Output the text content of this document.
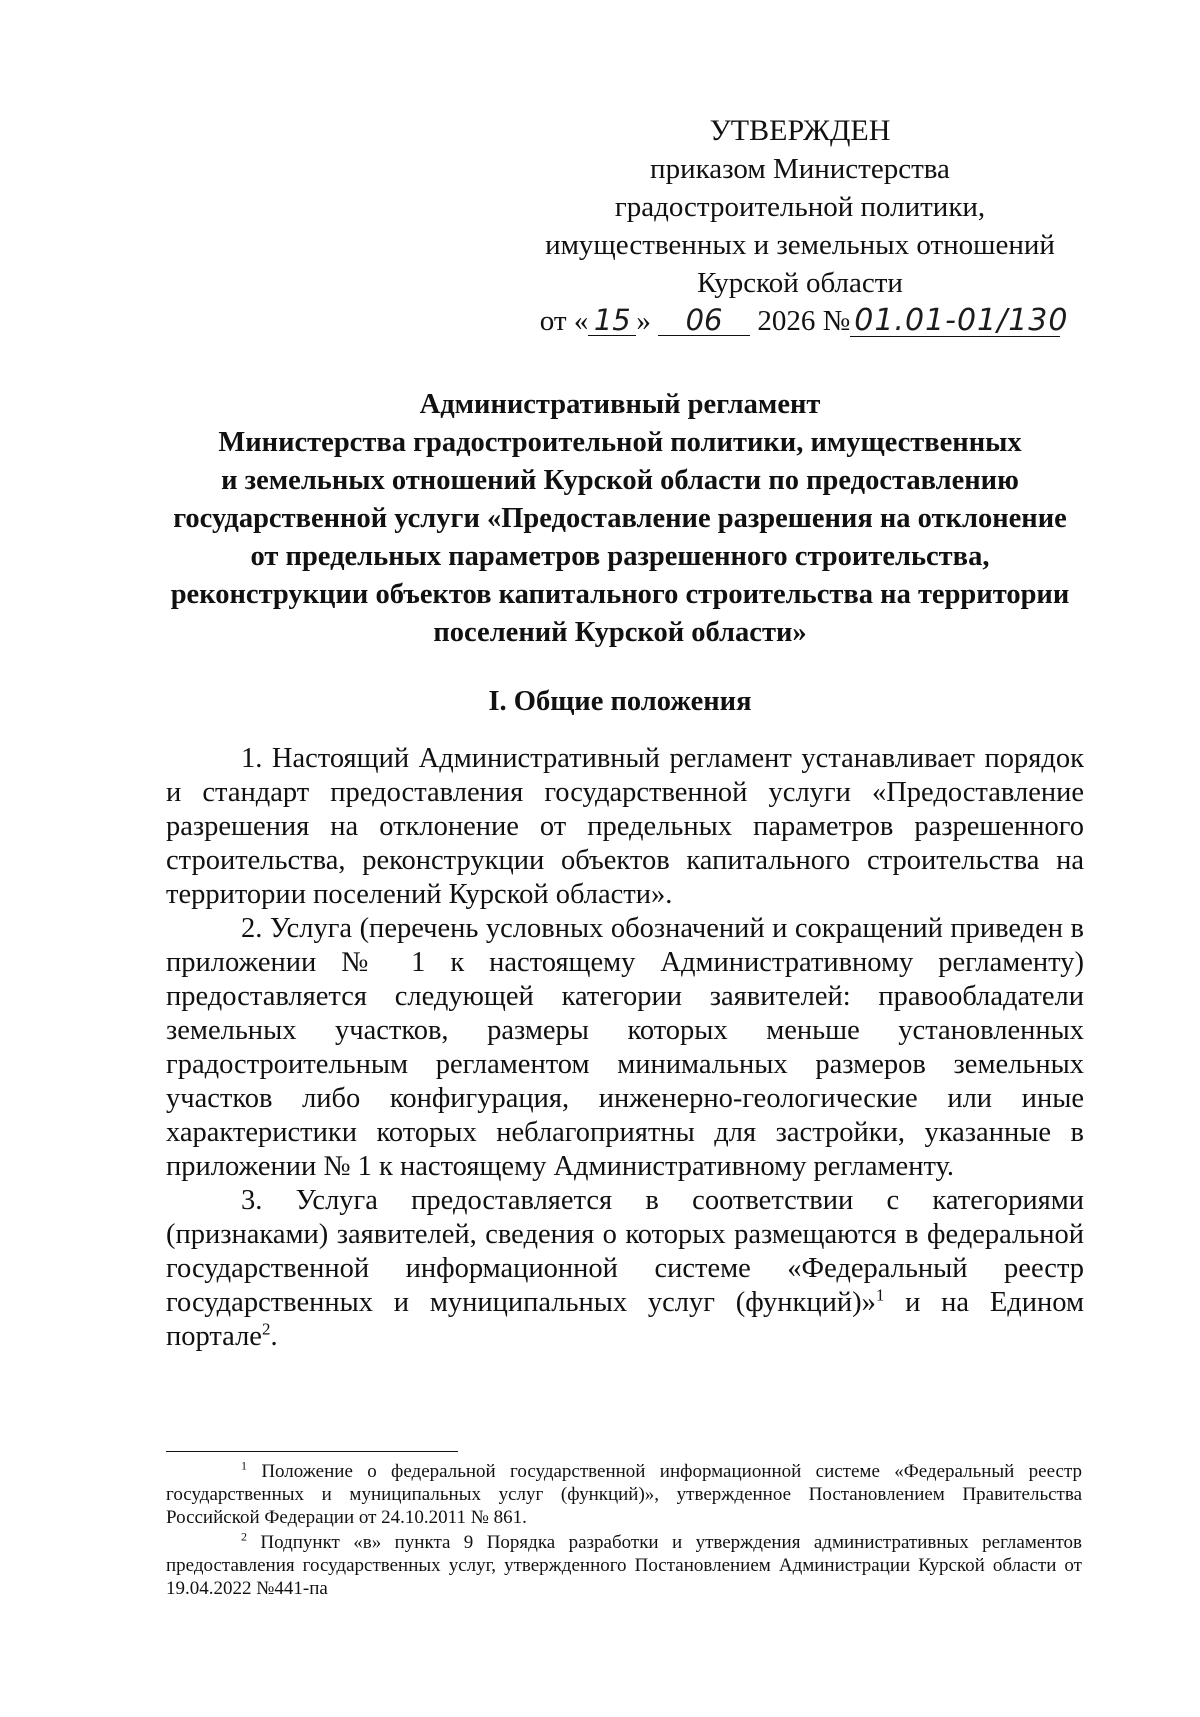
УТВЕРЖДЕН
приказом Министерства
градостроительной политики,
имущественных и земельных отношений
Курской области
от « 15 » 06 2026 № 01.01-01/130
Административный регламент
Министерства градостроительной политики, имущественных
и земельных отношений Курской области по предоставлению
государственной услуги «Предоставление разрешения на отклонение
от предельных параметров разрешенного строительства,
реконструкции объектов капитального строительства на территории
поселений Курской области»
I. Общие положения

1. Настоящий Административный регламент устанавливает порядок и стандарт предоставления государственной услуги «Предоставление разрешения на отклонение от предельных параметров разрешенного строительства, реконструкции объектов капитального строительства на территории поселений Курской области».

2. Услуга (перечень условных обозначений и сокращений приведен в приложении № 1 к настоящему Административному регламенту) предоставляется следующей категории заявителей: правообладатели земельных участков, размеры которых меньше установленных градостроительным регламентом минимальных размеров земельных участков либо конфигурация, инженерно-геологические или иные характеристики которых неблагоприятны для застройки, указанные в приложении № 1 к настоящему Административному регламенту.

3. Услуга предоставляется в соответствии с категориями (признаками) заявителей, сведения о которых размещаются в федеральной государственной информационной системе «Федеральный реестр государственных и муниципальных услуг (функций)»$^1$ и на Едином портале$^2$.

$^1$ Положение о федеральной государственной информационной системе «Федеральный реестр государственных и муниципальных услуг (функций)», утвержденное Постановлением Правительства Российской Федерации от 24.10.2011 № 861.

$^2$ Подпункт «в» пункта 9 Порядка разработки и утверждения административных регламентов предоставления государственных услуг, утвержденного Постановлением Администрации Курской области от 19.04.2022 №441-па
